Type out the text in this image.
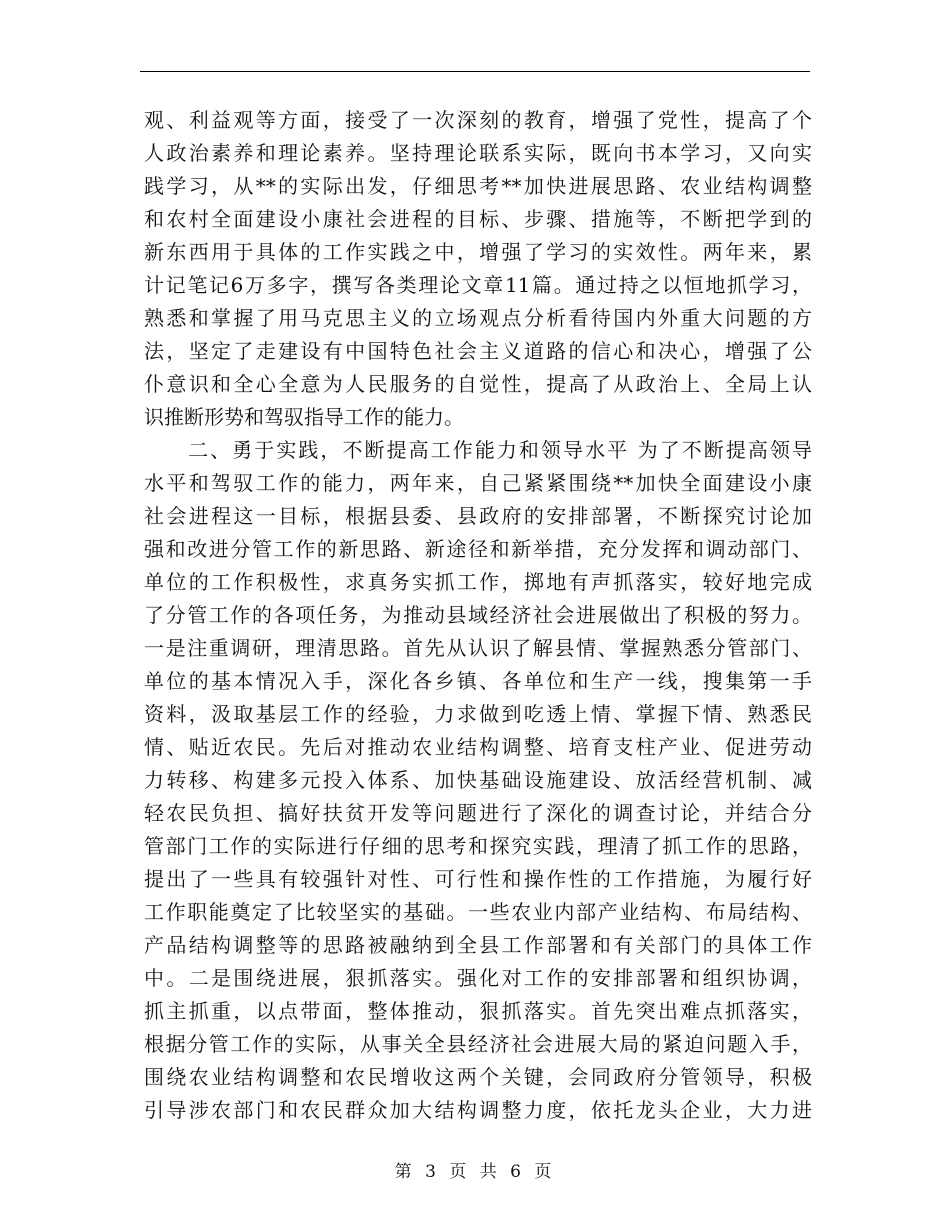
观、利益观等方面，接受了一次深刻的教育，增强了党性，提高了个
人政治素养和理论素养。坚持理论联系实际，既向书本学习，又向实
践学习，从**的实际出发，仔细思考**加快进展思路、农业结构调整
和农村全面建设小康社会进程的目标、步骤、措施等，不断把学到的
新东西用于具体的工作实践之中，增强了学习的实效性。两年来，累
计记笔记6万多字，撰写各类理论文章11篇。通过持之以恒地抓学习，
熟悉和掌握了用马克思主义的立场观点分析看待国内外重大问题的方
法，坚定了走建设有中国特色社会主义道路的信心和决心，增强了公
仆意识和全心全意为人民服务的自觉性，提高了从政治上、全局上认
识推断形势和驾驭指导工作的能力。
　　二、勇于实践，不断提高工作能力和领导水平 为了不断提高领导
水平和驾驭工作的能力，两年来，自己紧紧围绕**加快全面建设小康
社会进程这一目标，根据县委、县政府的安排部署，不断探究讨论加
强和改进分管工作的新思路、新途径和新举措，充分发挥和调动部门、
单位的工作积极性，求真务实抓工作，掷地有声抓落实，较好地完成
了分管工作的各项任务，为推动县域经济社会进展做出了积极的努力。
一是注重调研，理清思路。首先从认识了解县情、掌握熟悉分管部门、
单位的基本情况入手，深化各乡镇、各单位和生产一线，搜集第一手
资料，汲取基层工作的经验，力求做到吃透上情、掌握下情、熟悉民
情、贴近农民。先后对推动农业结构调整、培育支柱产业、促进劳动
力转移、构建多元投入体系、加快基础设施建设、放活经营机制、减
轻农民负担、搞好扶贫开发等问题进行了深化的调查讨论，并结合分
管部门工作的实际进行仔细的思考和探究实践，理清了抓工作的思路，
提出了一些具有较强针对性、可行性和操作性的工作措施，为履行好
工作职能奠定了比较坚实的基础。一些农业内部产业结构、布局结构、
产品结构调整等的思路被融纳到全县工作部署和有关部门的具体工作
中。二是围绕进展，狠抓落实。强化对工作的安排部署和组织协调，
抓主抓重，以点带面，整体推动，狠抓落实。首先突出难点抓落实，
根据分管工作的实际，从事关全县经济社会进展大局的紧迫问题入手，
围绕农业结构调整和农民增收这两个关键，会同政府分管领导，积极
引导涉农部门和农民群众加大结构调整力度，依托龙头企业，大力进
第 3 页 共 6 页
